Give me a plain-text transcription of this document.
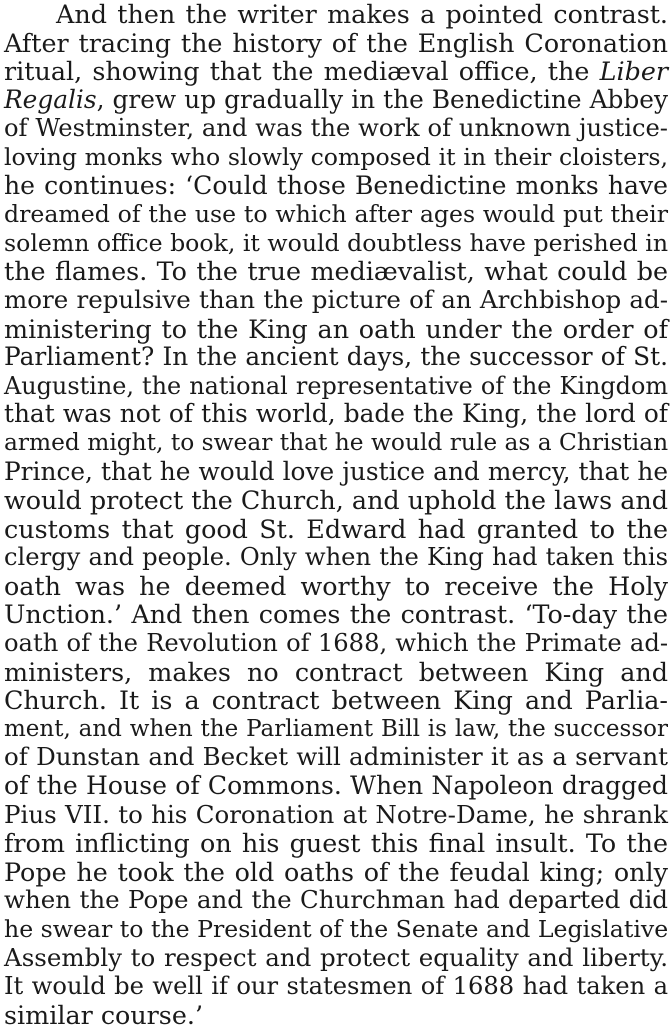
And then the writer makes a pointed contrast.
After tracing the history of the English Coronation
ritual, showing that the mediæval office, the Liber
Regalis, grew up gradually in the Benedictine Abbey
of Westminster, and was the work of unknown justice-
loving monks who slowly composed it in their cloisters,
he continues: ‘Could those Benedictine monks have
dreamed of the use to which after ages would put their
solemn office book, it would doubtless have perished in
the flames. To the true mediævalist, what could be
more repulsive than the picture of an Archbishop ad-
ministering to the King an oath under the order of
Parliament? In the ancient days, the successor of St.
Augustine, the national representative of the Kingdom
that was not of this world, bade the King, the lord of
armed might, to swear that he would rule as a Christian
Prince, that he would love justice and mercy, that he
would protect the Church, and uphold the laws and
customs that good St. Edward had granted to the
clergy and people. Only when the King had taken this
oath was he deemed worthy to receive the Holy
Unction.’ And then comes the contrast. ‘To-day the
oath of the Revolution of 1688, which the Primate ad-
ministers, makes no contract between King and
Church. It is a contract between King and Parlia-
ment, and when the Parliament Bill is law, the successor
of Dunstan and Becket will administer it as a servant
of the House of Commons. When Napoleon dragged
Pius VII. to his Coronation at Notre-Dame, he shrank
from inflicting on his guest this final insult. To the
Pope he took the old oaths of the feudal king; only
when the Pope and the Churchman had departed did
he swear to the President of the Senate and Legislative
Assembly to respect and protect equality and liberty.
It would be well if our statesmen of 1688 had taken a
similar course.’
